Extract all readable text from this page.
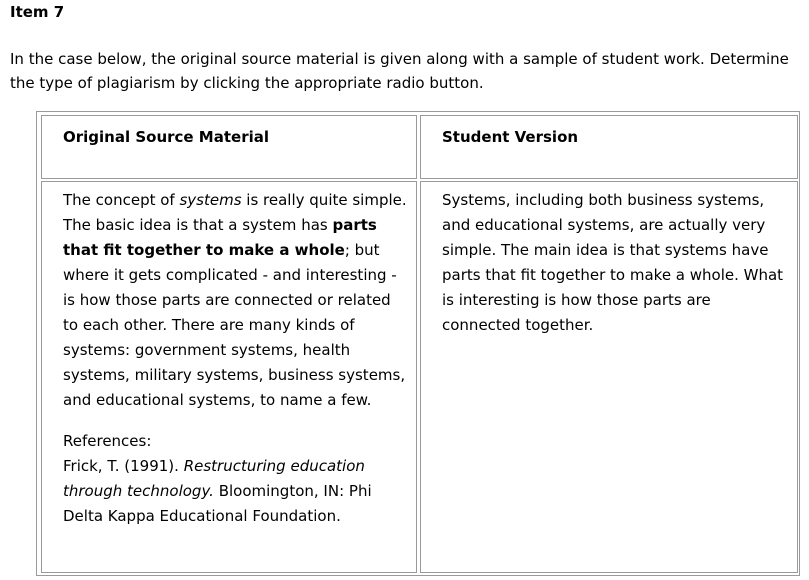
Item 7
In the case below, the original source material is given along with a sample of student work. Determine the type of plagiarism by clicking the appropriate radio button.
Original Source Material	Student Version

The concept of systems is really quite simple. The basic idea is that a system has parts that fit together to make a whole; but where it gets complicated - and interesting - is how those parts are connected or related to each other. There are many kinds of systems: government systems, health systems, military systems, business systems, and educational systems, to name a few.

References:

Frick, T. (1991). Restructuring education through technology. Bloomington, IN: Phi Delta Kappa Educational Foundation.

Systems, including both business systems, and educational systems, are actually very simple. The main idea is that systems have parts that fit together to make a whole. What is interesting is how those parts are connected together.
